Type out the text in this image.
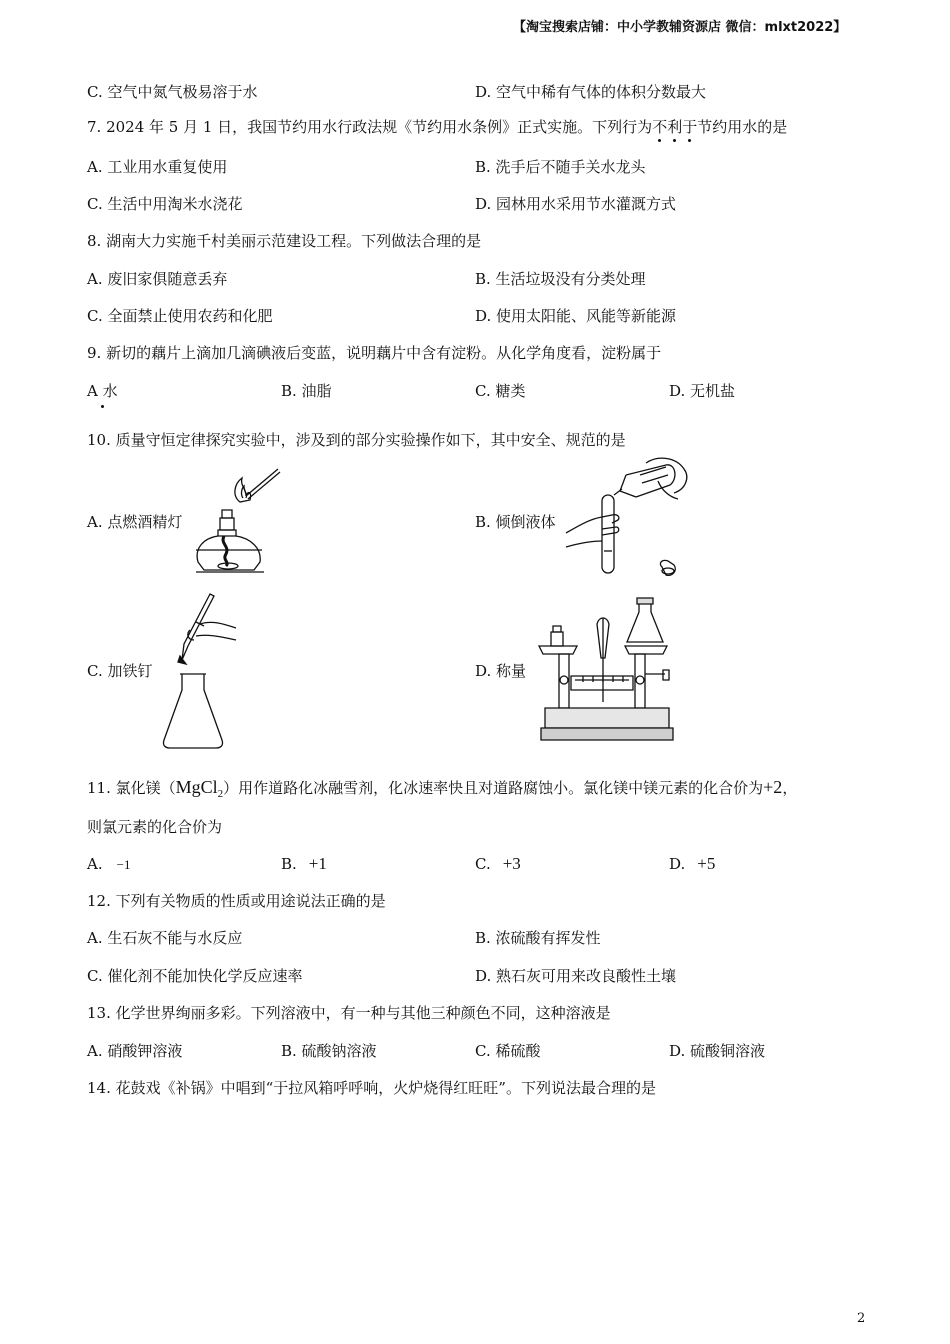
【淘宝搜索店铺：中小学教辅资源店 微信：mlxt2022】
C. 空气中氮气极易溶于水	D. 空气中稀有气体的体积分数最大
7. 2024 年 5 月 1 日，我国节约用水行政法规《节约用水条例》正式实施。下列行为不
利
于
节约用水的是
A. 工业用水重复使用	B. 洗手后不随手关水龙头
C. 生活中用淘米水浇花	D. 园林用水采用节水灌溉方式
8. 湖南大力实施千村美丽示范建设工程。下列做法合理的是
A. 废旧家俱随意丢弃	B. 生活垃圾没有分类处理
C. 全面禁止使用农药和化肥	D. 使用太阳能、风能等新能源
9. 新切的藕片上滴加几滴碘液后变蓝，说明藕片中含有淀粉。从化学角度看，淀粉属于
A 水	B. 油脂	C. 糖类	D. 无机盐
10. 质量守恒定律探究实验中，涉及到的部分实验操作如下，其中安全、规范的是
A. 点燃酒精灯	B. 倾倒液体
C. 加铁钉	D. 称量
11. 氯化镁（MgCl$_2$）用作道路化冰融雪剂，化冰速率快且对道路腐蚀小。氯化镁中镁元素的化合价为+2，
则氯元素的化合价为
A. −1	B. +1	C. +3	D. +5
12. 下列有关物质的性质或用途说法正确的是
A. 生石灰不能与水反应	B. 浓硫酸有挥发性
C. 催化剂不能加快化学反应速率	D. 熟石灰可用来改良酸性土壤
13. 化学世界绚丽多彩。下列溶液中，有一种与其他三种颜色不同，这种溶液是
A. 硝酸钾溶液	B. 硫酸钠溶液	C. 稀硫酸	D. 硫酸铜溶液
14. 花鼓戏《补锅》中唱到“于拉风箱呼呼响，火炉烧得红旺旺”。下列说法最合理的是
2
